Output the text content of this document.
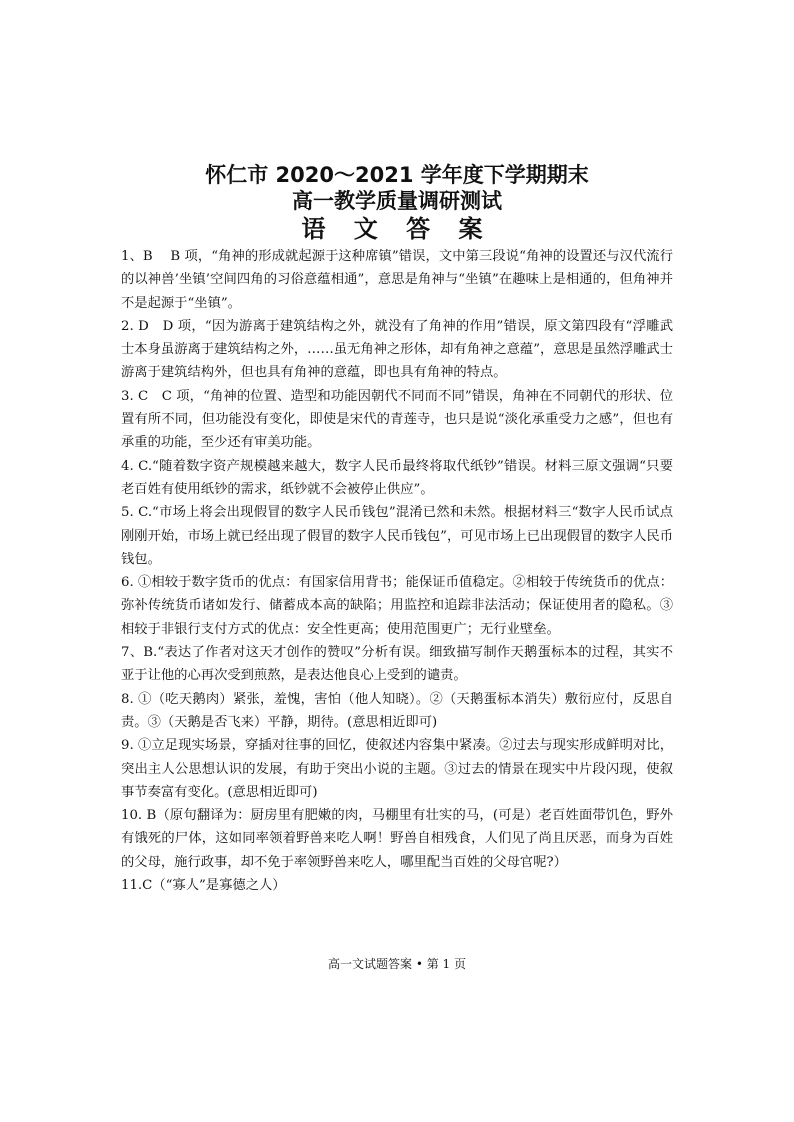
怀仁市 2020～2021 学年度下学期期末

高一教学质量调研测试

语 文 答 案

1、B　 B 项，“角神的形成就起源于这种席镇”错误，文中第三段说“角神的设置还与汉代流行的以神兽’坐镇’空间四角的习俗意蕴相通”，意思是角神与“坐镇”在趣味上是相通的，但角神并不是起源于“坐镇”。

2. D　D 项，“因为游离于建筑结构之外，就没有了角神的作用”错误，原文第四段有“浮雕武士本身虽游离于建筑结构之外，……虽无角神之形体，却有角神之意蕴”，意思是虽然浮雕武士游离于建筑结构外，但也具有角神的意蕴，即也具有角神的特点。

3. C　C 项，“角神的位置、造型和功能因朝代不同而不同”错误，角神在不同朝代的形状、位置有所不同，但功能没有变化，即使是宋代的青莲寺，也只是说“淡化承重受力之感”，但也有承重的功能，至少还有审美功能。

4. C.“随着数字资产规模越来越大，数字人民币最终将取代纸钞”错误。材料三原文强调“只要老百姓有使用纸钞的需求，纸钞就不会被停止供应”。

5. C.“市场上将会出现假冒的数字人民币钱包”混淆已然和未然。根据材料三“数字人民币试点刚刚开始，市场上就已经出现了假冒的数字人民币钱包”，可见市场上已出现假冒的数字人民币钱包。

6. ①相较于数字货币的优点：有国家信用背书；能保证币值稳定。②相较于传统货币的优点：弥补传统货币诸如发行、储蓄成本高的缺陷；用监控和追踪非法活动；保证使用者的隐私。③相较于非银行支付方式的优点：安全性更高；使用范围更广；无行业壁垒。

7、B.“表达了作者对这天才创作的赞叹”分析有误。细致描写制作天鹅蛋标本的过程，其实不亚于让他的心再次受到煎熬，是表达他良心上受到的谴责。

8. ①（吃天鹅肉）紧张，羞愧，害怕（他人知晓）。②（天鹅蛋标本消失）敷衍应付，反思自责。③（天鹅是否飞来）平静，期待。(意思相近即可)

9. ①立足现实场景，穿插对往事的回忆，使叙述内容集中紧凑。②过去与现实形成鲜明对比，突出主人公思想认识的发展，有助于突出小说的主题。③过去的情景在现实中片段闪现，使叙事节奏富有变化。(意思相近即可)

10. B（原句翻译为：厨房里有肥嫩的肉，马棚里有壮实的马，(可是）老百姓面带饥色，野外有饿死的尸体，这如同率领着野兽来吃人啊！野兽自相残食，人们见了尚且厌恶，而身为百姓的父母，施行政事，却不免于率领野兽来吃人，哪里配当百姓的父母官呢?）

11.C（“寡人”是寡德之人）

高一文试题答案 • 第 1 页
